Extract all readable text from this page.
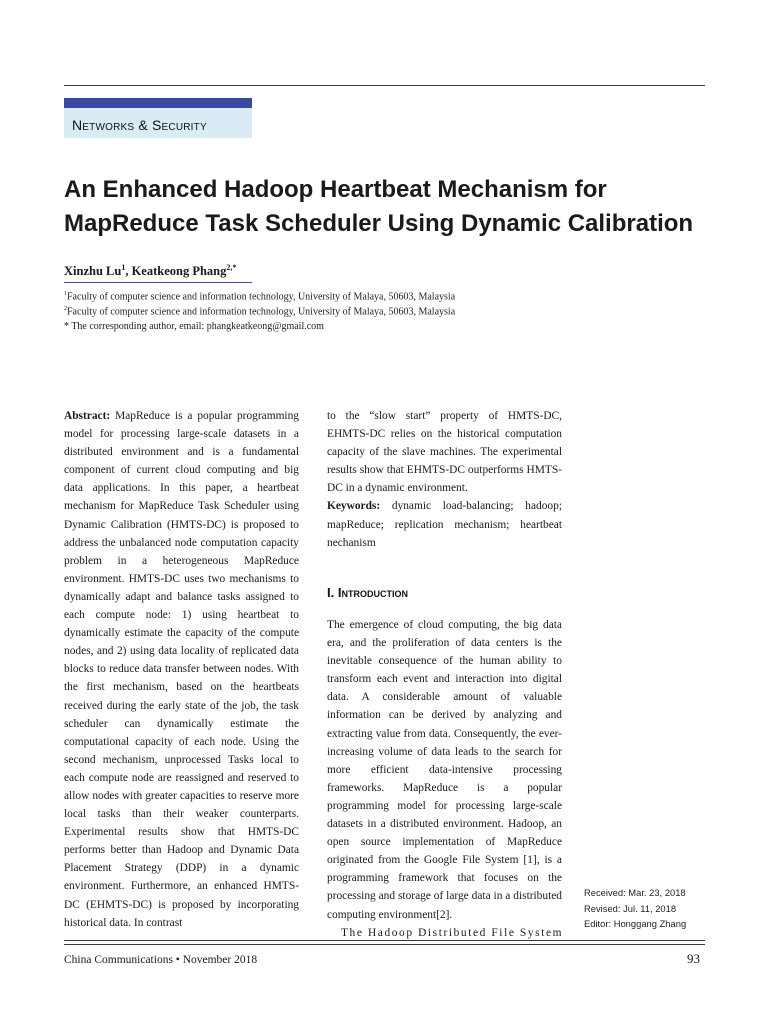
Networks & Security
An Enhanced Hadoop Heartbeat Mechanism for
MapReduce Task Scheduler Using Dynamic Calibration
Xinzhu Lu$^1$, Keatkeong Phang$^{2,*}$
$^1$Faculty of computer science and information technology, University of Malaya, 50603, Malaysia
$^2$Faculty of computer science and information technology, University of Malaya, 50603, Malaysia
* The corresponding author, email: phangkeatkeong@gmail.com

Abstract: MapReduce is a popular programming model for processing large-scale datasets in a distributed environment and is a fundamental component of current cloud computing and big data applications. In this paper, a heartbeat mechanism for MapReduce Task Scheduler using Dynamic Calibration (HMTS-DC) is proposed to address the unbalanced node computation capacity problem in a heterogeneous MapReduce environment. HMTS-DC uses two mechanisms to dynamically adapt and balance tasks assigned to each compute node: 1) using heartbeat to dynamically estimate the capacity of the compute nodes, and 2) using data locality of replicated data blocks to reduce data transfer between nodes. With the first mechanism, based on the heartbeats received during the early state of the job, the task scheduler can dynamically estimate the computational capacity of each node. Using the second mechanism, unprocessed Tasks local to each compute node are reassigned and reserved to allow nodes with greater capacities to reserve more local tasks than their weaker counterparts. Experimental results show that HMTS-DC performs better than Hadoop and Dynamic Data Placement Strategy (DDP) in a dynamic environment. Furthermore, an enhanced HMTS-DC (EHMTS-DC) is proposed by incorporating historical data. In contrast

to the “slow start” property of HMTS-DC, EHMTS-DC relies on the historical computation capacity of the slave machines. The experimental results show that EHMTS-DC outperforms HMTS-DC in a dynamic environment.

Keywords: dynamic load-balancing; hadoop; mapReduce; replication mechanism; heartbeat nechanism

I. Introduction

The emergence of cloud computing, the big data era, and the proliferation of data centers is the inevitable consequence of the human ability to transform each event and interaction into digital data. A considerable amount of valuable information can be derived by analyzing and extracting value from data. Consequently, the ever-increasing volume of data leads to the search for more efficient data-intensive processing frameworks. MapReduce is a popular programming model for processing large-scale datasets in a distributed environment. Hadoop, an open source implementation of MapReduce originated from the Google File System [1], is a programming framework that focuses on the processing and storage of large data in a distributed computing environment[2].

The Hadoop Distributed File System

Received: Mar. 23, 2018
Revised: Jul. 11, 2018
Editor: Honggang Zhang
China Communications • November 2018	93
